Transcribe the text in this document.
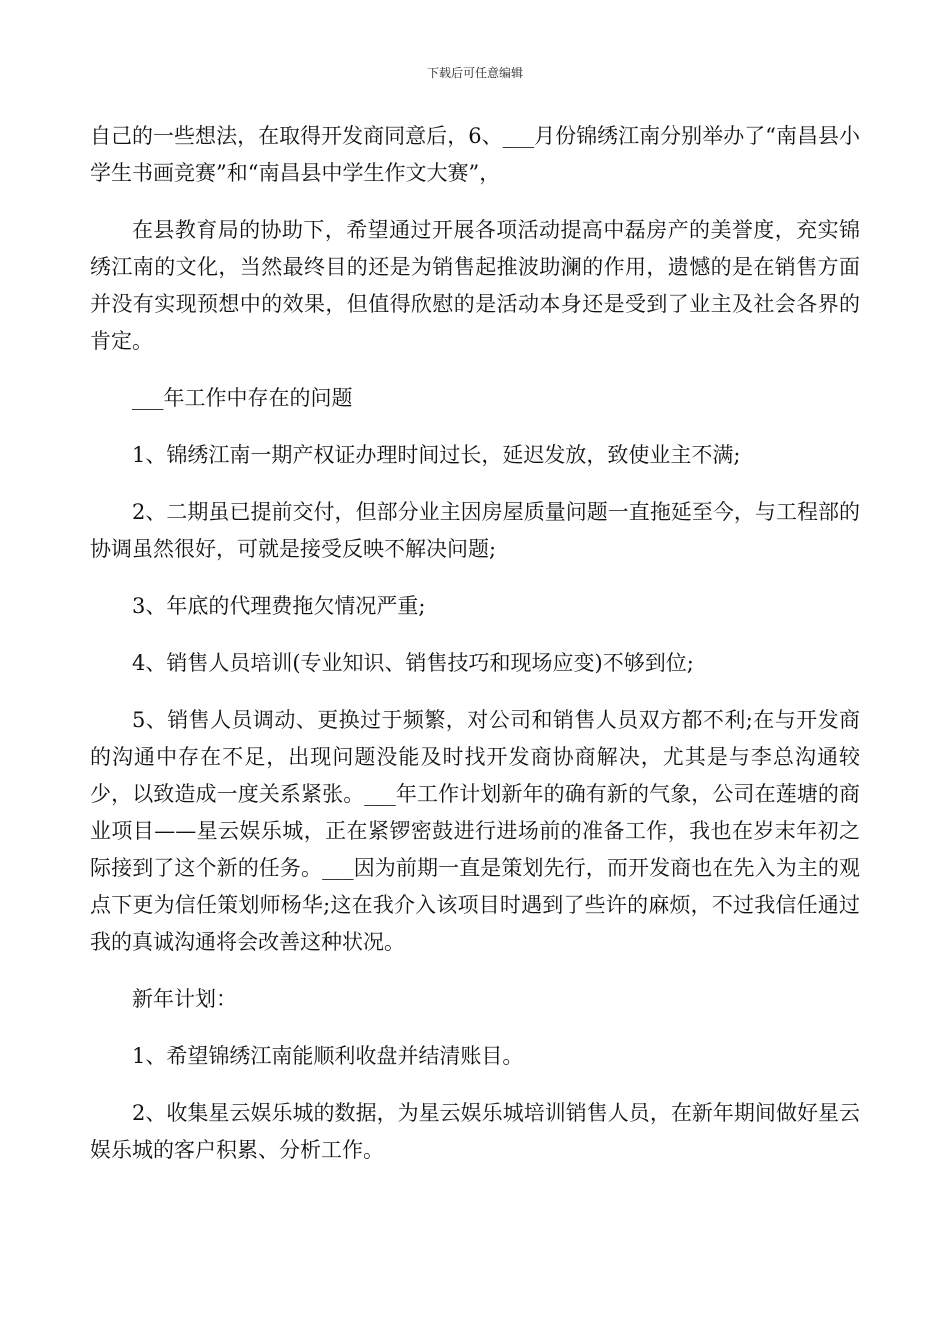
下载后可任意编辑

自己的一些想法，在取得开发商同意后，6、___月份锦绣江南分别举办了“南昌县小学生书画竞赛”和“南昌县中学生作文大赛”，

在县教育局的协助下，希望通过开展各项活动提高中磊房产的美誉度，充实锦绣江南的文化，当然最终目的还是为销售起推波助澜的作用，遗憾的是在销售方面并没有实现预想中的效果，但值得欣慰的是活动本身还是受到了业主及社会各界的肯定。

___年工作中存在的问题

1、锦绣江南一期产权证办理时间过长，延迟发放，致使业主不满;

2、二期虽已提前交付，但部分业主因房屋质量问题一直拖延至今，与工程部的协调虽然很好，可就是接受反映不解决问题;

3、年底的代理费拖欠情况严重;

4、销售人员培训(专业知识、销售技巧和现场应变)不够到位;

5、销售人员调动、更换过于频繁，对公司和销售人员双方都不利;在与开发商的沟通中存在不足，出现问题没能及时找开发商协商解决，尤其是与李总沟通较少，以致造成一度关系紧张。___年工作计划新年的确有新的气象，公司在莲塘的商业项目——星云娱乐城，正在紧锣密鼓进行进场前的准备工作，我也在岁末年初之际接到了这个新的任务。___因为前期一直是策划先行，而开发商也在先入为主的观点下更为信任策划师杨华;这在我介入该项目时遇到了些许的麻烦，不过我信任通过我的真诚沟通将会改善这种状况。

新年计划：

1、希望锦绣江南能顺利收盘并结清账目。

2、收集星云娱乐城的数据，为星云娱乐城培训销售人员，在新年期间做好星云娱乐城的客户积累、分析工作。
